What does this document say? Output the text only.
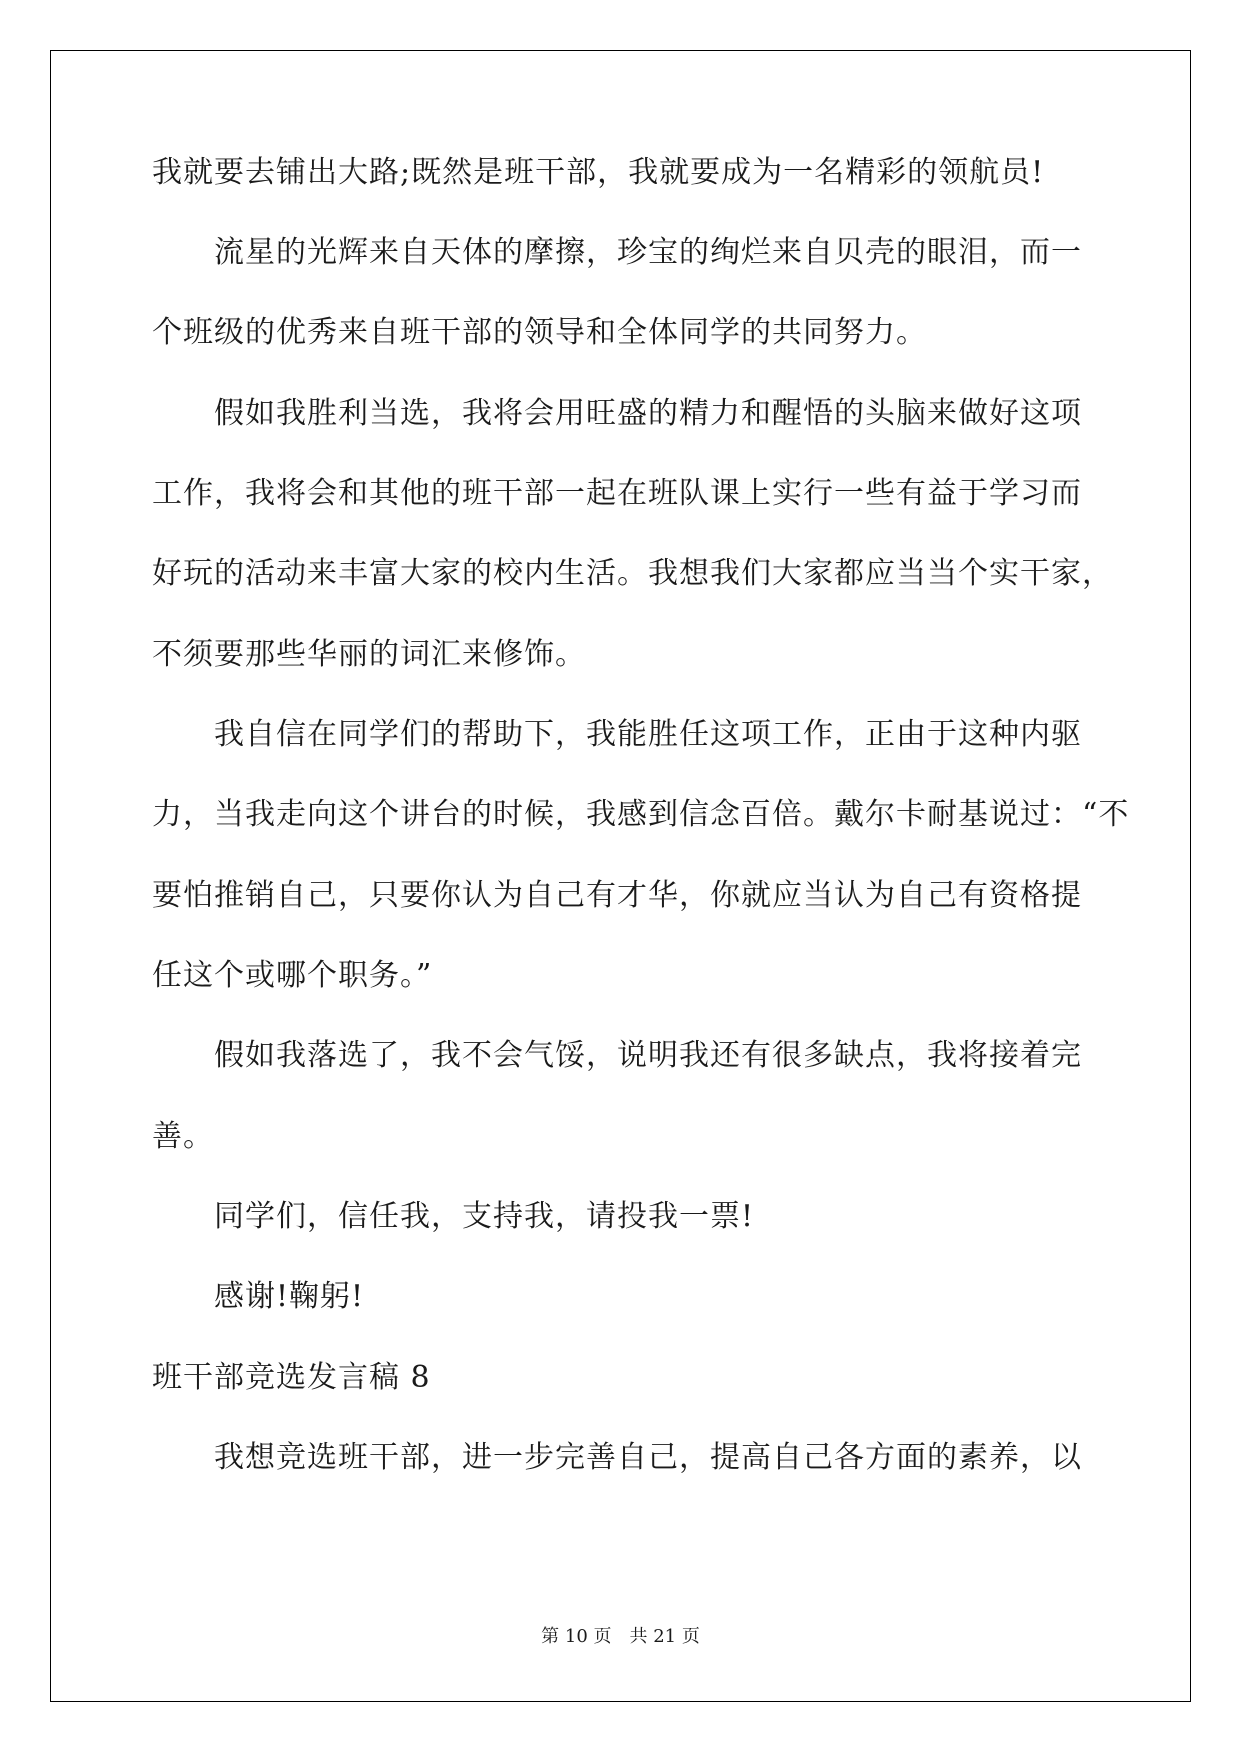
我就要去铺出大路;既然是班干部，我就要成为一名精彩的领航员!
流星的光辉来自天体的摩擦，珍宝的绚烂来自贝壳的眼泪，而一
个班级的优秀来自班干部的领导和全体同学的共同努力。
假如我胜利当选，我将会用旺盛的精力和醒悟的头脑来做好这项
工作，我将会和其他的班干部一起在班队课上实行一些有益于学习而
好玩的活动来丰富大家的校内生活。我想我们大家都应当当个实干家，
不须要那些华丽的词汇来修饰。
我自信在同学们的帮助下，我能胜任这项工作，正由于这种内驱
力，当我走向这个讲台的时候，我感到信念百倍。戴尔卡耐基说过：“不
要怕推销自己，只要你认为自己有才华，你就应当认为自己有资格提
任这个或哪个职务。”
假如我落选了，我不会气馁，说明我还有很多缺点，我将接着完
善。
同学们，信任我，支持我，请投我一票!
感谢!鞠躬!
班干部竞选发言稿 8
我想竞选班干部，进一步完善自己，提高自己各方面的素养，以
第 10 页　共 21 页
